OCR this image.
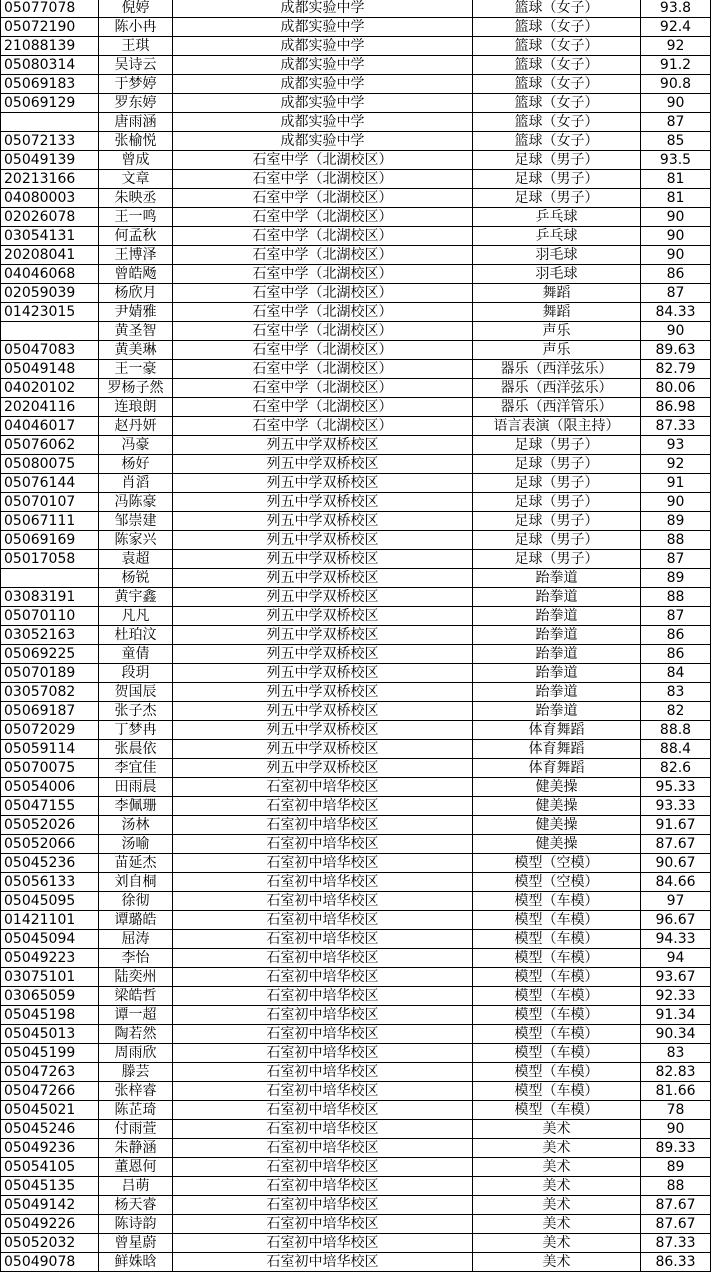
05077078	倪婷	成都实验中学	篮球（女子）	93.8
05072190	陈小冉	成都实验中学	篮球（女子）	92.4
21088139	王琪	成都实验中学	篮球（女子）	92
05080314	吴诗云	成都实验中学	篮球（女子）	91.2
05069183	于梦婷	成都实验中学	篮球（女子）	90.8
05069129	罗东婷	成都实验中学	篮球（女子）	90
	唐雨涵	成都实验中学	篮球（女子）	87
05072133	张榆悦	成都实验中学	篮球（女子）	85
05049139	曾成	石室中学（北湖校区）	足球（男子）	93.5
20213166	文章	石室中学（北湖校区）	足球（男子）	81
04080003	朱映丞	石室中学（北湖校区）	足球（男子）	81
02026078	王一鸣	石室中学（北湖校区）	乒乓球	90
03054131	何孟秋	石室中学（北湖校区）	乒乓球	90
20208041	王博泽	石室中学（北湖校区）	羽毛球	90
04046068	曾皓飏	石室中学（北湖校区）	羽毛球	86
02059039	杨欣月	石室中学（北湖校区）	舞蹈	87
01423015	尹婧雅	石室中学（北湖校区）	舞蹈	84.33
	黄圣智	石室中学（北湖校区）	声乐	90
05047083	黄美琳	石室中学（北湖校区）	声乐	89.63
05049148	王一豪	石室中学（北湖校区）	器乐（西洋弦乐）	82.79
04020102	罗杨子然	石室中学（北湖校区）	器乐（西洋弦乐）	80.06
20204116	连琅朗	石室中学（北湖校区）	器乐（西洋管乐）	86.98
04046017	赵丹妍	石室中学（北湖校区）	语言表演（限主持）	87.33
05076062	冯豪	列五中学双桥校区	足球（男子）	93
05080075	杨好	列五中学双桥校区	足球（男子）	92
05076144	肖滔	列五中学双桥校区	足球（男子）	91
05070107	冯陈豪	列五中学双桥校区	足球（男子）	90
05067111	邹崇建	列五中学双桥校区	足球（男子）	89
05069169	陈家兴	列五中学双桥校区	足球（男子）	88
05017058	袁超	列五中学双桥校区	足球（男子）	87
	杨锐	列五中学双桥校区	跆拳道	89
03083191	黄宇鑫	列五中学双桥校区	跆拳道	88
05070110	凡凡	列五中学双桥校区	跆拳道	87
03052163	杜珀汶	列五中学双桥校区	跆拳道	86
05069225	童倩	列五中学双桥校区	跆拳道	86
05070189	段玥	列五中学双桥校区	跆拳道	84
03057082	贺国辰	列五中学双桥校区	跆拳道	83
05069187	张子杰	列五中学双桥校区	跆拳道	82
05072029	丁梦冉	列五中学双桥校区	体育舞蹈	88.8
05059114	张晨依	列五中学双桥校区	体育舞蹈	88.4
05070075	李宜佳	列五中学双桥校区	体育舞蹈	82.6
05054006	田雨晨	石室初中培华校区	健美操	95.33
05047155	李佩珊	石室初中培华校区	健美操	93.33
05052026	汤林	石室初中培华校区	健美操	91.67
05052066	汤喻	石室初中培华校区	健美操	87.67
05045236	苗延杰	石室初中培华校区	模型（空模）	90.67
05056133	刘自桐	石室初中培华校区	模型（空模）	84.66
05045095	徐彻	石室初中培华校区	模型（车模）	97
01421101	谭璐皓	石室初中培华校区	模型（车模）	96.67
05045094	屈涛	石室初中培华校区	模型（车模）	94.33
05049223	李怡	石室初中培华校区	模型（车模）	94
03075101	陆奕州	石室初中培华校区	模型（车模）	93.67
03065059	梁皓哲	石室初中培华校区	模型（车模）	92.33
05045198	谭一超	石室初中培华校区	模型（车模）	91.34
05045013	陶若然	石室初中培华校区	模型（车模）	90.34
05045199	周雨欣	石室初中培华校区	模型（车模）	83
05047263	滕芸	石室初中培华校区	模型（车模）	82.83
05047266	张梓睿	石室初中培华校区	模型（车模）	81.66
05045021	陈芷琦	石室初中培华校区	模型（车模）	78
05045246	付雨萱	石室初中培华校区	美术	90
05049236	朱静涵	石室初中培华校区	美术	89.33
05054105	董恩何	石室初中培华校区	美术	89
05045135	吕萌	石室初中培华校区	美术	88
05049142	杨天睿	石室初中培华校区	美术	87.67
05049226	陈诗韵	石室初中培华校区	美术	87.67
05052032	曾星蔚	石室初中培华校区	美术	87.33
05049078	鲜姝晗	石室初中培华校区	美术	86.33
